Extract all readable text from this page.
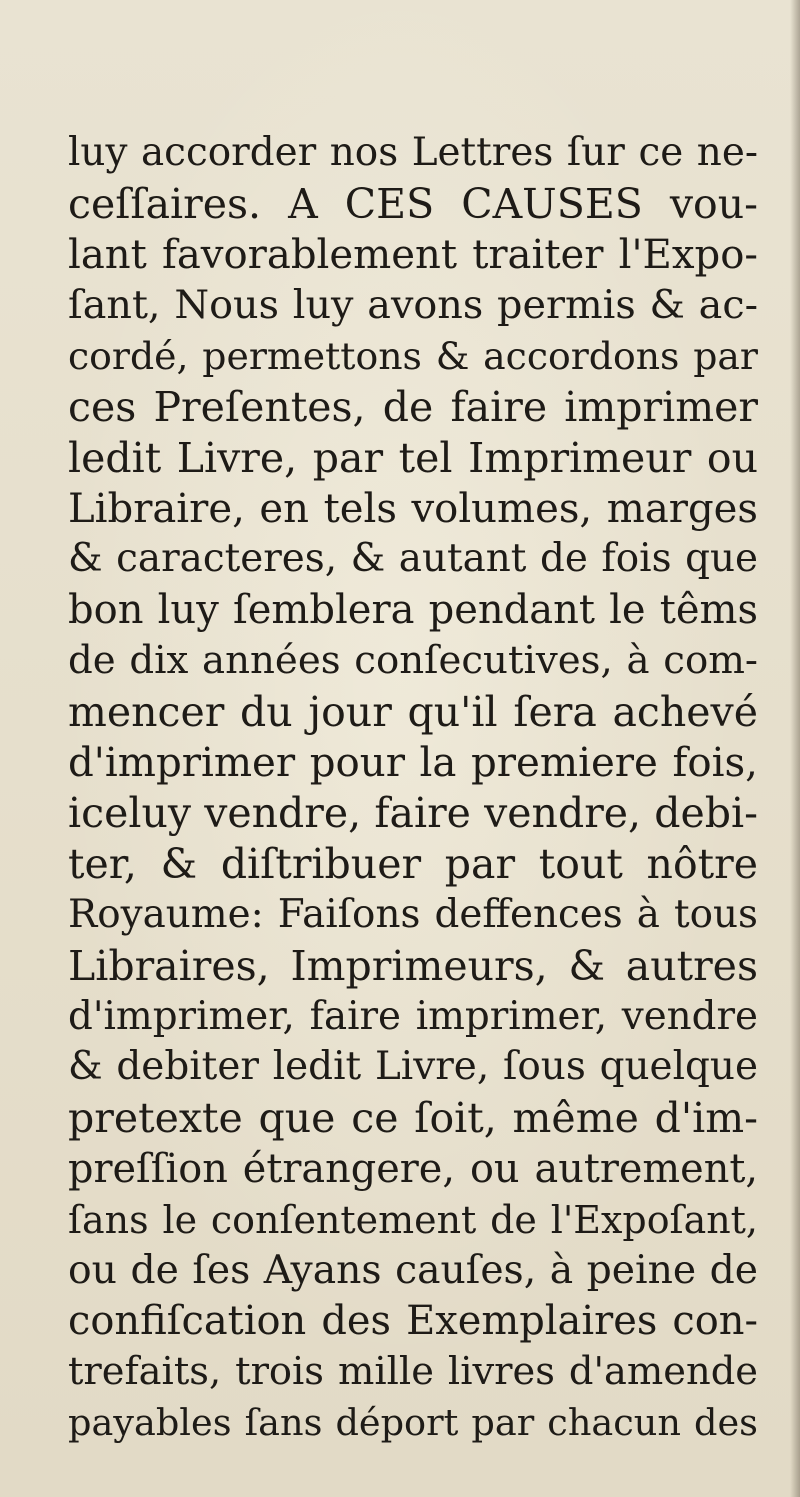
luy accorder nos Lettres ſur ce ne-
ceſſaires. A CES CAUSES vou-
lant favorablement traiter l'Expo-
ſant, Nous luy avons permis & ac-
cordé, permettons & accordons par
ces Preſentes, de faire imprimer
ledit Livre, par tel Imprimeur ou
Libraire, en tels volumes, marges
& caracteres, & autant de fois que
bon luy ſemblera pendant le têms
de dix années conſecutives, à com-
mencer du jour qu'il ſera achevé
d'imprimer pour la premiere fois,
iceluy vendre, faire vendre, debi-
ter, & diſtribuer par tout nôtre
Royaume: Faiſons deffences à tous
Libraires, Imprimeurs, & autres
d'imprimer, faire imprimer, vendre
& debiter ledit Livre, ſous quelque
pretexte que ce ſoit, même d'im-
preſſion étrangere, ou autrement,
ſans le conſentement de l'Expoſant,
ou de ſes Ayans cauſes, à peine de
confiſcation des Exemplaires con-
trefaits, trois mille livres d'amende
payables ſans déport par chacun des
